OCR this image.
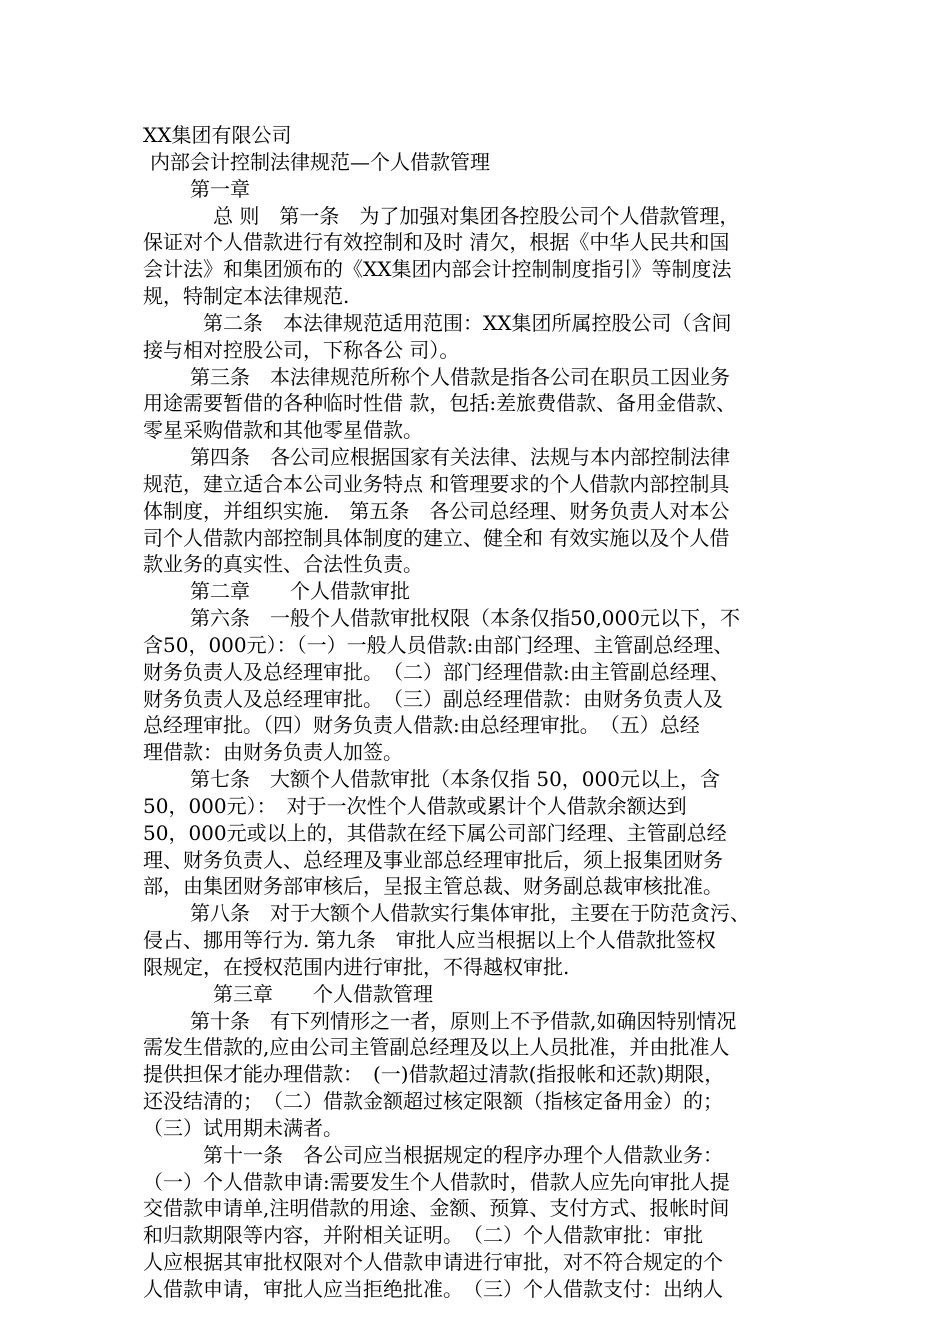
XX集团有限公司
内部会计控制法律规范—个人借款管理
第一章
总 则　第一条　为了加强对集团各控股公司个人借款管理，
保证对个人借款进行有效控制和及时 清欠，根据《中华人民共和国
会计法》和集团颁布的《XX集团内部会计控制制度指引》等制度法
规，特制定本法律规范.
第二条　本法律规范适用范围：XX集团所属控股公司（含间
接与相对控股公司，下称各公 司）。
第三条　本法律规范所称个人借款是指各公司在职员工因业务
用途需要暂借的各种临时性借 款，包括:差旅费借款、备用金借款、
零星采购借款和其他零星借款。
第四条　各公司应根据国家有关法律、法规与本内部控制法律
规范，建立适合本公司业务特点 和管理要求的个人借款内部控制具
体制度，并组织实施.　第五条　各公司总经理、财务负责人对本公
司个人借款内部控制具体制度的建立、健全和 有效实施以及个人借
款业务的真实性、合法性负责。
第二章　　个人借款审批
第六条　一般个人借款审批权限（本条仅指50,000元以下，不
含50，000元）：（一）一般人员借款:由部门经理、主管副总经理、
财务负责人及总经理审批。　（二）部门经理借款:由主管副总经理、
财务负责人及总经理审批。　（三）副总经理借款：由财务负责人及
总经理审批。（四）财务负责人借款:由总经理审批。　（五）总经
理借款：由财务负责人加签。
第七条　大额个人借款审批（本条仅指 50，000元以上，含
50，000元）：　对于一次性个人借款或累计个人借款余额达到
50，000元或以上的，其借款在经下属公司部门经理、主管副总经
理、财务负责人、总经理及事业部总经理审批后，须上报集团财务
部，由集团财务部审核后，呈报主管总裁、财务副总裁审核批准。
第八条　对于大额个人借款实行集体审批，主要在于防范贪污、
侵占、挪用等行为. 第九条　审批人应当根据以上个人借款批签权
限规定，在授权范围内进行审批，不得越权审批.
第三章　　个人借款管理
第十条　有下列情形之一者，原则上不予借款,如确因特别情况
需发生借款的,应由公司主管副总经理及以上人员批准，并由批准人
提供担保才能办理借款：　(一)借款超过清款(指报帐和还款)期限，
还没结清的；　（二）借款金额超过核定限额（指核定备用金）的；
（三）试用期未满者。
第十一条　各公司应当根据规定的程序办理个人借款业务：
（一）个人借款申请:需要发生个人借款时，借款人应先向审批人提
交借款申请单,注明借款的用途、金额、预算、支付方式、报帐时间
和归款期限等内容，并附相关证明。　（二）个人借款审批：审批
人应根据其审批权限对个人借款申请进行审批，对不符合规定的个
人借款申请，审批人应当拒绝批准。　（三）个人借款支付：出纳人
